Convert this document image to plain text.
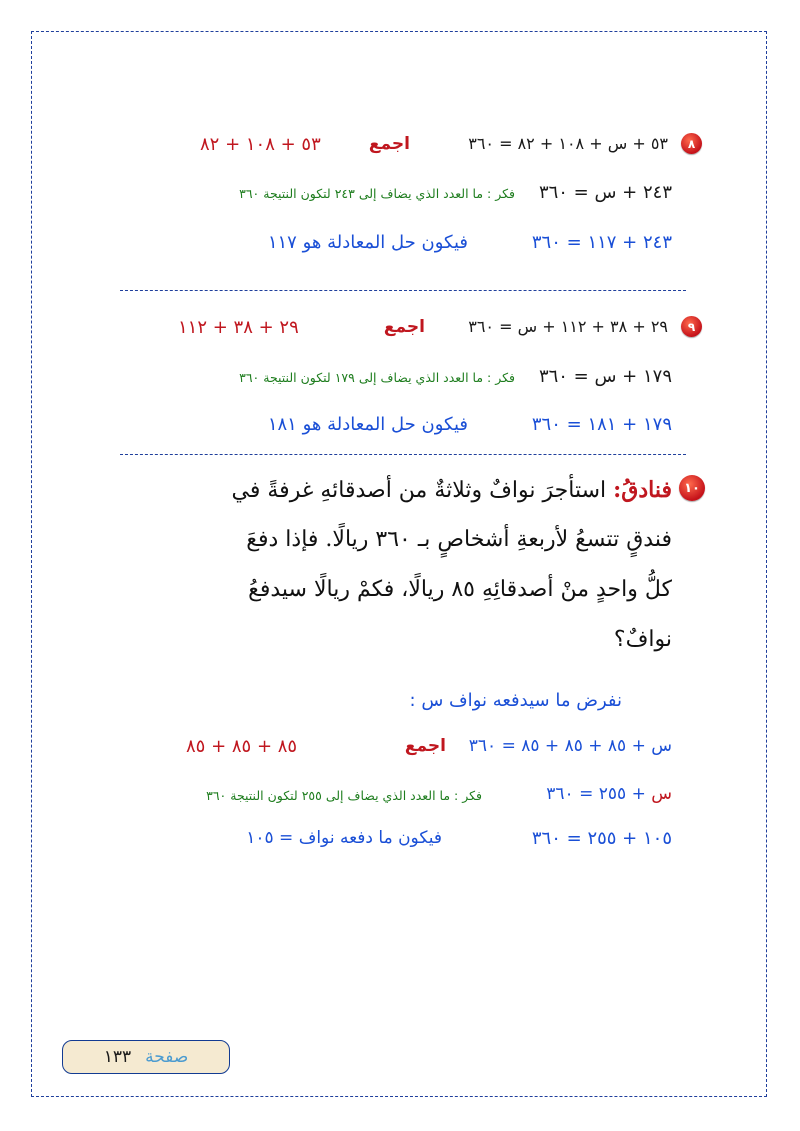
٨
٥٣ + س + ١٠٨ + ٨٢ = ٣٦٠
اجمع
٥٣ + ١٠٨ + ٨٢
٢٤٣ + س = ٣٦٠
فكر : ما العدد الذي يضاف إلى ٢٤٣ لتكون النتيجة ٣٦٠
٢٤٣ + ١١٧ = ٣٦٠
فيكون حل المعادلة هو ١١٧
٩
٢٩ + ٣٨ + ١١٢ + س = ٣٦٠
اجمع
٢٩ + ٣٨ + ١١٢
١٧٩ + س = ٣٦٠
فكر : ما العدد الذي يضاف إلى ١٧٩ لتكون النتيجة ٣٦٠
١٧٩ + ١٨١ = ٣٦٠
فيكون حل المعادلة هو ١٨١
١٠
فنادقُ: استأجرَ نوافٌ وثلاثةٌ من أصدقائهِ غرفةً في
فندقٍ تتسعُ لأربعةِ أشخاصٍ بـ ٣٦٠ ريالًا. فإذا دفعَ
كلُّ واحدٍ منْ أصدقائِهِ ٨٥ ريالًا، فكمْ ريالًا سيدفعُ
نوافٌ؟
نفرض ما سيدفعه نواف س :
س + ٨٥ + ٨٥ + ٨٥ = ٣٦٠
اجمع
٨٥ + ٨٥ + ٨٥
س + ٢٥٥ = ٣٦٠
فكر : ما العدد الذي يضاف إلى ٢٥٥ لتكون النتيجة ٣٦٠
١٠٥ + ٢٥٥ = ٣٦٠
فيكون ما دفعه نواف = ١٠٥
صفحة
١٣٣
